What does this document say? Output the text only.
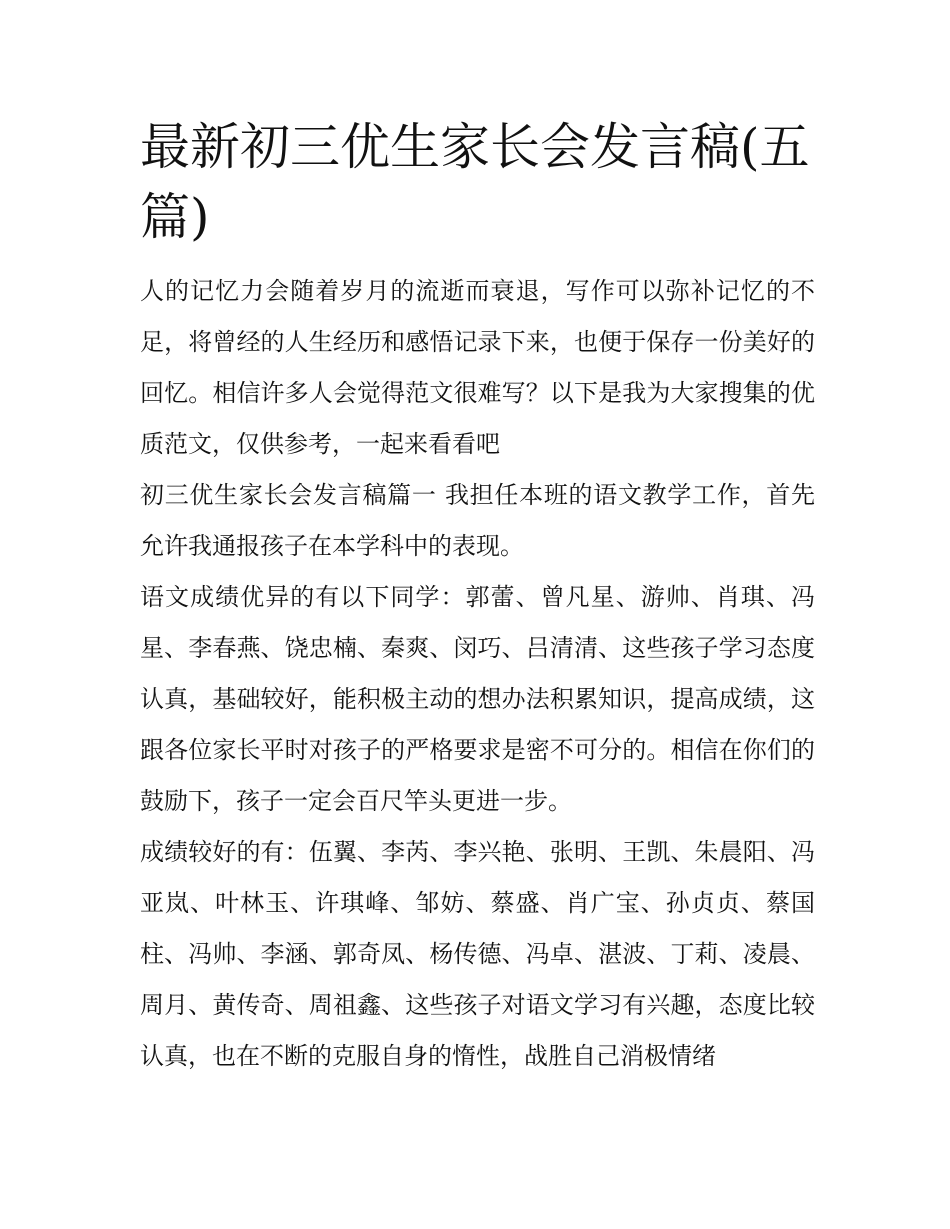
最新初三优生家长会发言稿(五篇)

人的记忆力会随着岁月的流逝而衰退，写作可以弥补记忆的不足，将曾经的人生经历和感悟记录下来，也便于保存一份美好的回忆。相信许多人会觉得范文很难写？以下是我为大家搜集的优质范文，仅供参考，一起来看看吧

初三优生家长会发言稿篇一 我担任本班的语文教学工作，首先允许我通报孩子在本学科中的表现。

语文成绩优异的有以下同学：郭蕾、曾凡星、游帅、肖琪、冯星、李春燕、饶忠楠、秦爽、闵巧、吕清清、这些孩子学习态度认真，基础较好，能积极主动的想办法积累知识，提高成绩，这跟各位家长平时对孩子的严格要求是密不可分的。相信在你们的鼓励下，孩子一定会百尺竿头更进一步。

成绩较好的有：伍翼、李芮、李兴艳、张明、王凯、朱晨阳、冯亚岚、叶林玉、许琪峰、邹妨、蔡盛、肖广宝、孙贞贞、蔡国柱、冯帅、李涵、郭奇凤、杨传德、冯卓、湛波、丁莉、凌晨、周月、黄传奇、周祖鑫、这些孩子对语文学习有兴趣，态度比较认真，也在不断的克服自身的惰性，战胜自己消极情绪
